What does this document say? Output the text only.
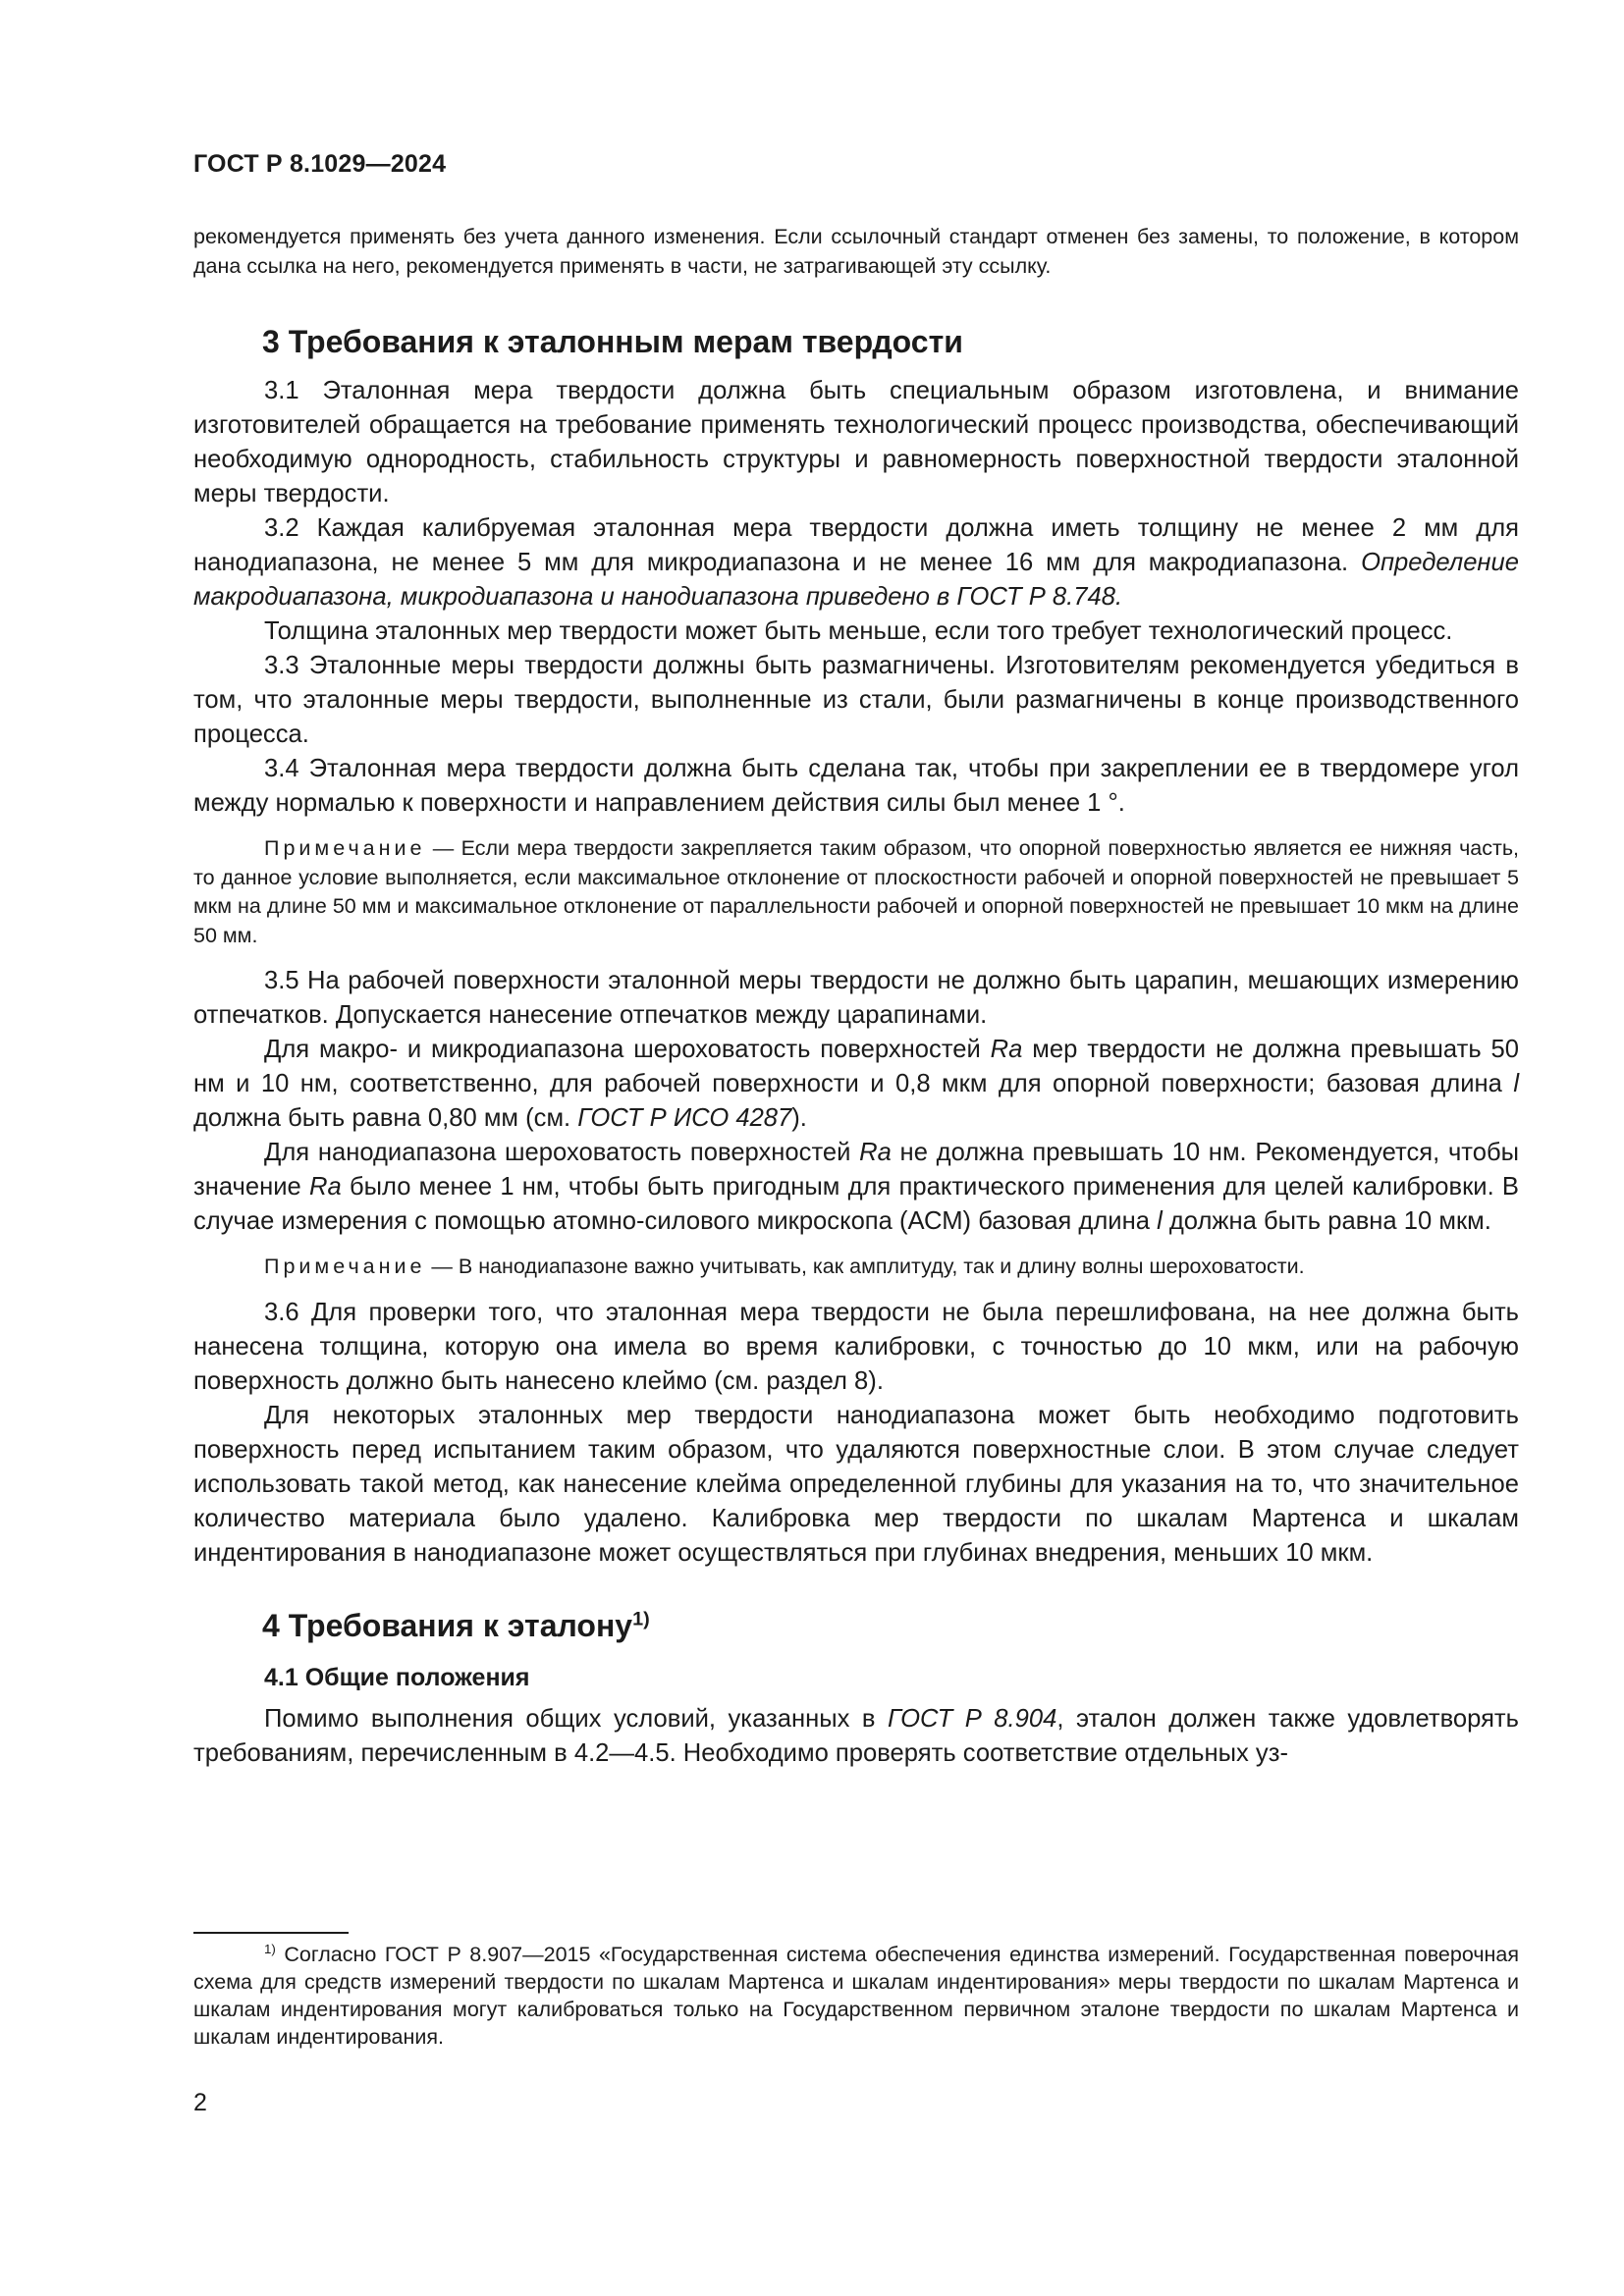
ГОСТ Р 8.1029—2024

рекомендуется применять без учета данного изменения. Если ссылочный стандарт отменен без замены, то положение, в котором дана ссылка на него, рекомендуется применять в части, не затрагивающей эту ссылку.

3 Требования к эталонным мерам твердости

3.1 Эталонная мера твердости должна быть специальным образом изготовлена, и внимание изготовителей обращается на требование применять технологический процесс производства, обеспечивающий необходимую однородность, стабильность структуры и равномерность поверхностной твердости эталонной меры твердости.

3.2 Каждая калибруемая эталонная мера твердости должна иметь толщину не менее 2 мм для нанодиапазона, не менее 5 мм для микродиапазона и не менее 16 мм для макродиапазона. Определение макродиапазона, микродиапазона и нанодиапазона приведено в ГОСТ Р 8.748.

Толщина эталонных мер твердости может быть меньше, если того требует технологический процесс.

3.3 Эталонные меры твердости должны быть размагничены. Изготовителям рекомендуется убедиться в том, что эталонные меры твердости, выполненные из стали, были размагничены в конце производственного процесса.

3.4 Эталонная мера твердости должна быть сделана так, чтобы при закреплении ее в твердомере угол между нормалью к поверхности и направлением действия силы был менее 1 °.

Примечание — Если мера твердости закрепляется таким образом, что опорной поверхностью является ее нижняя часть, то данное условие выполняется, если максимальное отклонение от плоскостности рабочей и опорной поверхностей не превышает 5 мкм на длине 50 мм и максимальное отклонение от параллельности рабочей и опорной поверхностей не превышает 10 мкм на длине 50 мм.

3.5 На рабочей поверхности эталонной меры твердости не должно быть царапин, мешающих измерению отпечатков. Допускается нанесение отпечатков между царапинами.

Для макро- и микродиапазона шероховатость поверхностей Ra мер твердости не должна превышать 50 нм и 10 нм, соответственно, для рабочей поверхности и 0,8 мкм для опорной поверхности; базовая длина l должна быть равна 0,80 мм (см. ГОСТ Р ИСО 4287).

Для нанодиапазона шероховатость поверхностей Ra не должна превышать 10 нм. Рекомендуется, чтобы значение Ra было менее 1 нм, чтобы быть пригодным для практического применения для целей калибровки. В случае измерения с помощью атомно-силового микроскопа (АСМ) базовая длина l должна быть равна 10 мкм.

Примечание — В нанодиапазоне важно учитывать, как амплитуду, так и длину волны шероховатости.

3.6 Для проверки того, что эталонная мера твердости не была перешлифована, на нее должна быть нанесена толщина, которую она имела во время калибровки, с точностью до 10 мкм, или на рабочую поверхность должно быть нанесено клеймо (см. раздел 8).

Для некоторых эталонных мер твердости нанодиапазона может быть необходимо подготовить поверхность перед испытанием таким образом, что удаляются поверхностные слои. В этом случае следует использовать такой метод, как нанесение клейма определенной глубины для указания на то, что значительное количество материала было удалено. Калибровка мер твердости по шкалам Мартенса и шкалам индентирования в нанодиапазоне может осуществляться при глубинах внедрения, меньших 10 мкм.

4 Требования к эталону$^{1)}$

4.1 Общие положения

Помимо выполнения общих условий, указанных в ГОСТ Р 8.904, эталон должен также удовлетворять требованиям, перечисленным в 4.2—4.5. Необходимо проверять соответствие отдельных уз-

$^{1)}$ Согласно ГОСТ Р 8.907—2015 «Государственная система обеспечения единства измерений. Государственная поверочная схема для средств измерений твердости по шкалам Мартенса и шкалам индентирования» меры твердости по шкалам Мартенса и шкалам индентирования могут калиброваться только на Государственном первичном эталоне твердости по шкалам Мартенса и шкалам индентирования.

2
